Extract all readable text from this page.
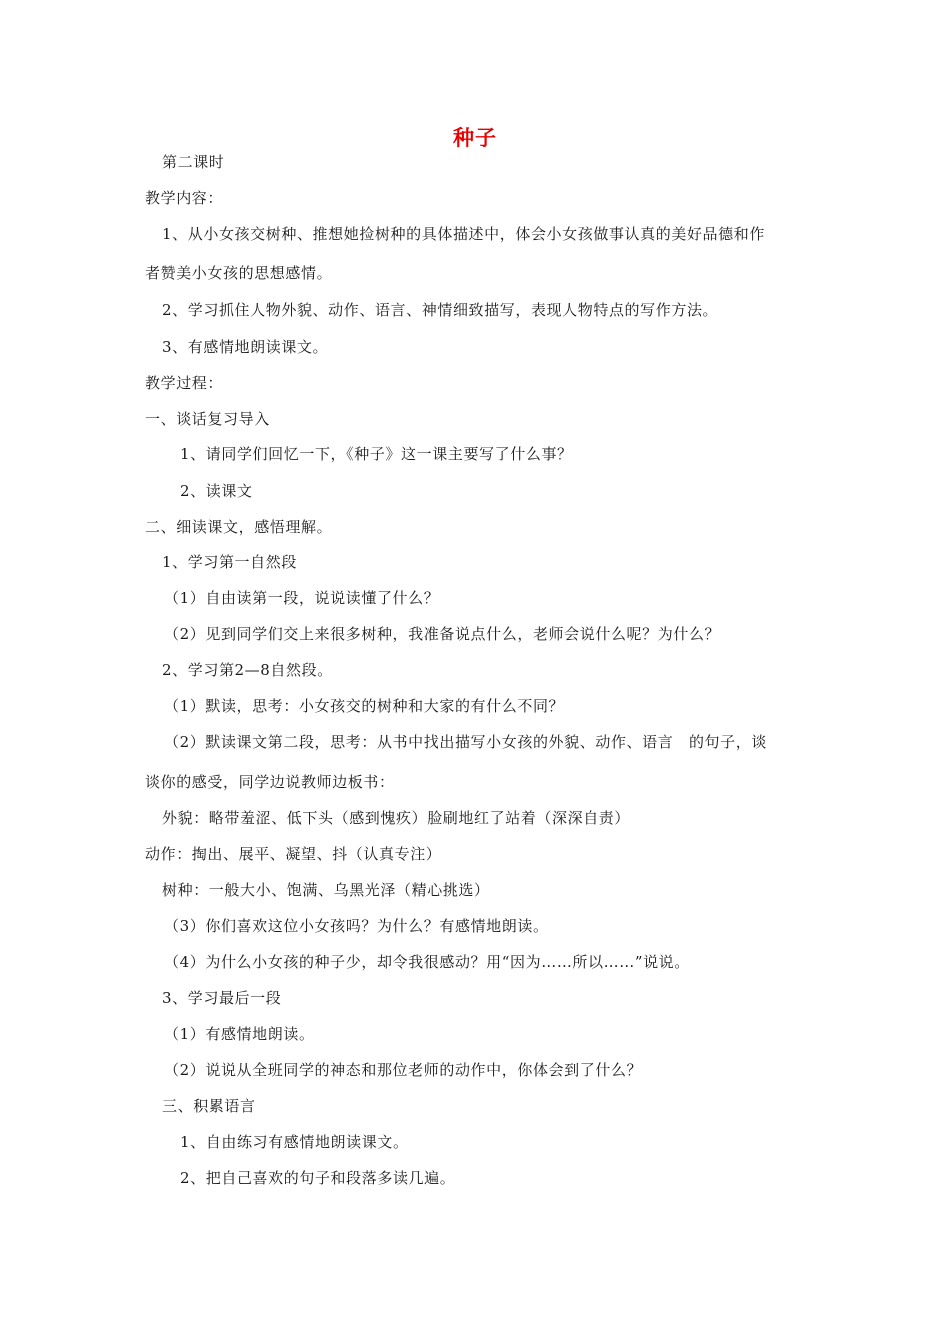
种子
第二课时
教学内容：
1、从小女孩交树种、推想她捡树种的具体描述中，体会小女孩做事认真的美好品德和作
者赞美小女孩的思想感情。
2、学习抓住人物外貌、动作、语言、神情细致描写，表现人物特点的写作方法。
3、有感情地朗读课文。
教学过程：
一、谈话复习导入
1、请同学们回忆一下，《种子》这一课主要写了什么事？
2、读课文
二、细读课文，感悟理解。
1、学习第一自然段
（1）自由读第一段，说说读懂了什么？
（2）见到同学们交上来很多树种，我准备说点什么，老师会说什么呢？为什么？
2、学习第2—8自然段。
（1）默读，思考：小女孩交的树种和大家的有什么不同？
（2）默读课文第二段，思考：从书中找出描写小女孩的外貌、动作、语言　的句子，谈
谈你的感受，同学边说教师边板书：
外貌：略带羞涩、低下头（感到愧疚）脸刷地红了站着（深深自责）
动作：掏出、展平、凝望、抖（认真专注）
树种：一般大小、饱满、乌黑光泽（精心挑选）
（3）你们喜欢这位小女孩吗？为什么？有感情地朗读。
（4）为什么小女孩的种子少，却令我很感动？用“因为……所以……”说说。
3、学习最后一段
（1）有感情地朗读。
（2）说说从全班同学的神态和那位老师的动作中，你体会到了什么？
三、积累语言
1、自由练习有感情地朗读课文。
2、把自己喜欢的句子和段落多读几遍。
